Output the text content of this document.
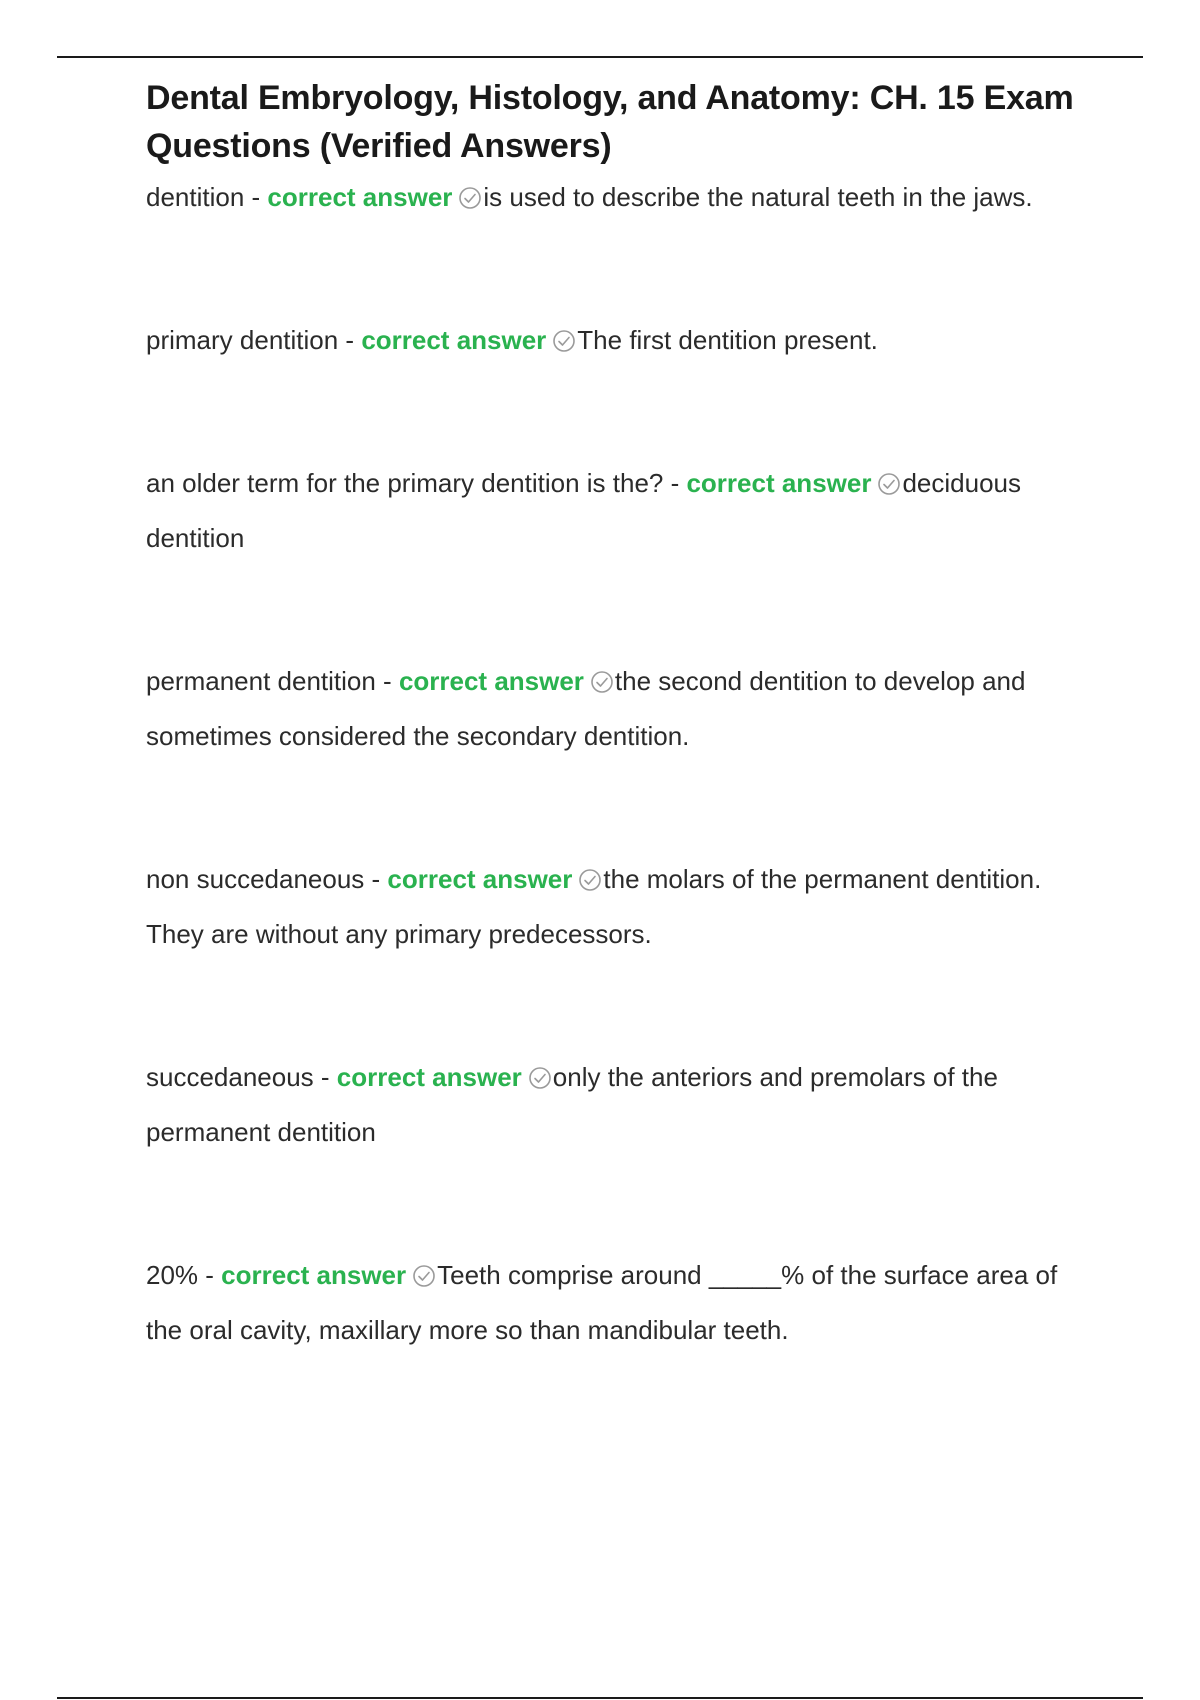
Dental Embryology, Histology, and Anatomy: CH. 15 Exam Questions (Verified Answers)
dentition - correct answer is used to describe the natural teeth in the jaws.
primary dentition - correct answer The first dentition present.
an older term for the primary dentition is the? - correct answer deciduous dentition
permanent dentition - correct answer the second dentition to develop and sometimes considered the secondary dentition.
non succedaneous - correct answer the molars of the permanent dentition. They are without any primary predecessors.
succedaneous - correct answer only the anteriors and premolars of the permanent dentition
20% - correct answer Teeth comprise around _____% of the surface area of the oral cavity, maxillary more so than mandibular teeth.
